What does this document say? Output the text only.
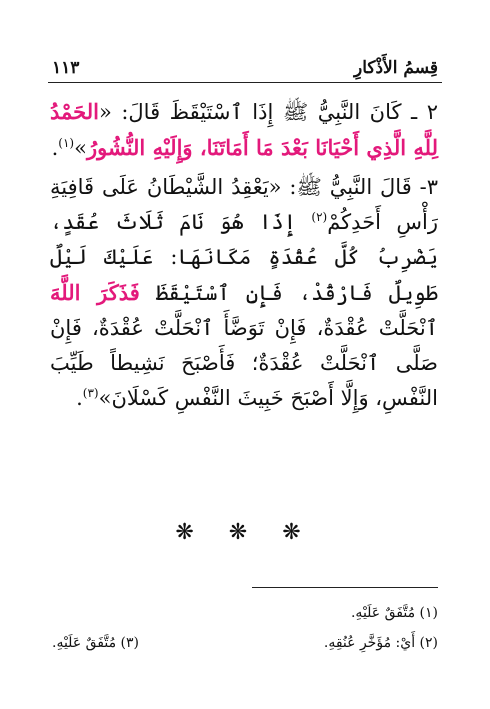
قِسمُ الأَذْكارِ
١١٣

٢ ـ كَانَ النَّبِيُّ ﷺ إِذَا ٱسْتَيْقَظَ قَالَ: «الحَمْدُ لِلَّهِ الَّذِي أَحْيَانَا بَعْدَ مَا أَمَاتَنَا، وَإِلَيْهِ النُّشُورُ»$^{(١)}$.

٣- قَالَ النَّبِيُّ ﷺ: «يَعْقِدُ الشَّيْطَانُ عَلَى قَافِيَةِ رَأْسِ أَحَدِكُمْ$^{(٢)}$ إِذَا هُوَ نَامَ ثَلَاثَ عُقَدٍ، يَضْرِبُ كُلَّ عُقْدَةٍ مَكَانَهَا: عَلَيْكَ لَيْلٌ طَوِيلٌ فَارْقُدْ، فَإِنِ ٱسْتَيْقَظَ فَذَكَرَ اللَّهَ ٱنْحَلَّتْ عُقْدَةٌ، فَإِنْ تَوَضَّأَ ٱنْحَلَّتْ عُقْدَةٌ، فَإِنْ صَلَّى ٱنْحَلَّتْ عُقْدَةٌ؛ فَأَصْبَحَ نَشِيطاً طَيِّبَ النَّفْسِ، وَإِلَّا أَصْبَحَ خَبِيثَ النَّفْسِ كَسْلَانَ»$^{(٣)}$.

❋ ❋ ❋
(١) مُتَّفَقٌ عَلَيْهِ.
(٢) أَيْ: مُؤَخَّرِ عُنُقِهِ.
(٣) مُتَّفَقٌ عَلَيْهِ.
